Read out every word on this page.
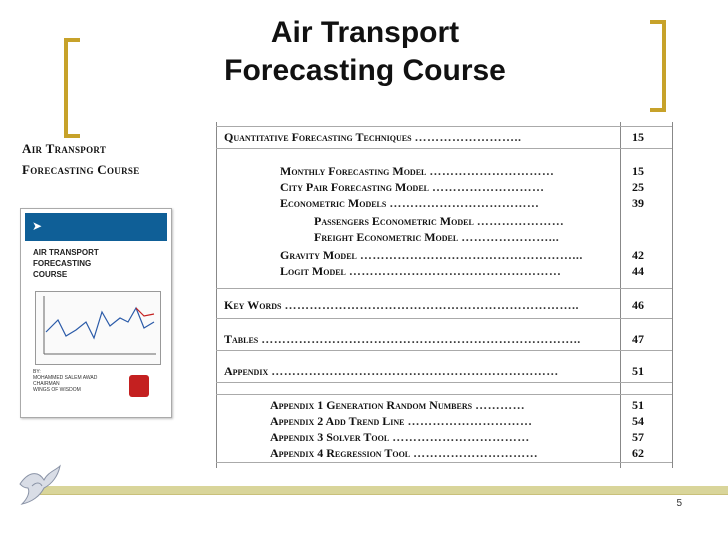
Air Transport
Forecasting Course
Air Transport
Forecasting Course
➤
AIR TRANSPORT
FORECASTING
COURSE
BY:
MOHAMMED SALEM AWAD
CHAIRMAN
WINGS OF WISDOM
Quantitative Forecasting Techniques ……………………..	15
Monthly Forecasting Model …………………………	15
City Pair Forecasting Model ………………………	25
Econometric Models ………………………………	39
Passengers Econometric Model …………………
Freight Econometric Model …………………...
Gravity Model ……………………………………………...	42
Logit Model ……………………………………………	44
Key Words ……………………………………………………………..	46
Tables …………………………………………………………………..	47
Appendix ……………………………………………………………	51
Appendix 1 Generation Random Numbers …………	51
Appendix 2 Add Trend Line …………………………	54
Appendix 3 Solver Tool ……………………………	57
Appendix 4 Regression Tool …………………………	62
5
